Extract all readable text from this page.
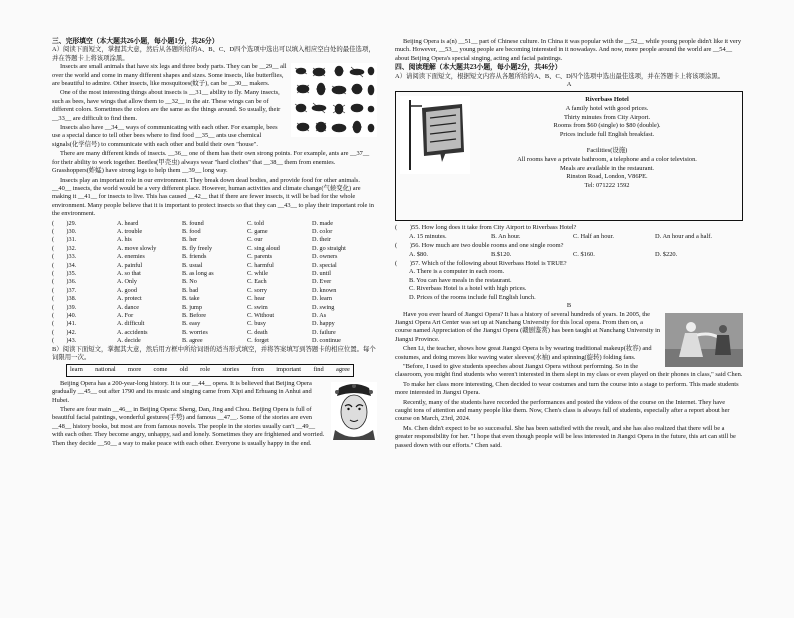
三、完形填空（本大题共26小题，每小题1分，共26分）
A）阅读下面短文，掌握其大意，然后从各题所给的A、B、C、D四个选项中选出可以填入相应空白处的最佳选项，并在答题卡上将该项涂黑。

Insects are small animals that have six legs and three body parts. They can be __29__ all over the world and come in many different shapes and sizes. Some insects, like butterflies, are beautiful to admire. Other insects, like mosquitoes(蚊子), can be __30__ makers.

One of the most interesting things about insects is __31__ ability to fly. Many insects, such as bees, have wings that allow them to __32__ in the air. These wings can be of different colors. Sometimes the colors are the same as the things around. So usually, their __33__ are difficult to find them.

Insects also have __34__ ways of communicating with each other. For example, bees use a special dance to tell other bees where to find food __35__ ants use chemical signals(化学信号) to communicate with each other and build their own "house".

There are many different kinds of insects. __36__ one of them has their own strong points. For example, ants are __37__ for their ability to work together. Beetles(甲壳虫) always wear "hard clothes" that __38__ them from enemies. Grasshoppers(蚱蜢) have strong legs to help them __39__ long way.

Insects play an important role in our environment. They break down dead bodies, and provide food for other animals. __40__ insects, the world would be a very different place. However, human activities and climate change(气候变化) are making it __41__ for insects to live. This has caused __42__ that if there are fewer insects, it will be bad for the whole environment. Many people believe that it is important to protect insects so that they can __43__ to play their important role in the environment.

(　　)29.	A. heard	B. found	C. told	D. made
(　　)30.	A. trouble	B. food	C. game	D. color
(　　)31.	A. his	B. her	C. our	D. their
(　　)32.	A. move slowly	B. fly freely	C. sing aloud	D. go straight
(　　)33.	A. enemies	B. friends	C. parents	D. owners
(　　)34.	A. painful	B. usual	C. harmful	D. special
(　　)35.	A. so that	B. as long as	C. while	D. until
(　　)36.	A. Only	B. No	C. Each	D. Ever
(　　)37.	A. good	B. bad	C. sorry	D. known
(　　)38.	A. protect	B. take	C. hear	D. learn
(　　)39.	A. dance	B. jump	C. swim	D. swing
(　　)40.	A. For	B. Before	C. Without	D. As
(　　)41.	A. difficult	B. easy	C. busy	D. happy
(　　)42.	A. accidents	B. worries	C. death	D. failure
(　　)43.	A. decide	B. agree	C. forget	D. continue
B）阅读下面短文，掌握其大意，然后用方框中所给词语的适当形式填空，并将答案填写到答题卡的相应位置。每个词限用一次。
learn national more come old role stories from important find agree

Beijing Opera has a 200-year-long history. It is our __44__ opera. It is believed that Beijing Opera gradually __45__ out after 1790 and its music and singing came from Xipi and Erhuang in Anhui and Hubei.

There are four main __46__ in Beijing Opera: Sheng, Dan, Jing and Chou. Beijing Opera is full of beautiful facial paintings, wonderful gestures(手势) and famous __47__. Some of the stories are even __48__ history books, but most are from famous novels. The people in the stories usually can't __49__ with each other. They become angry, unhappy, sad and lonely. Sometimes they are frightened and worried. Then they decide __50__ a way to make peace with each other. Everyone is usually happy in the end.

Beijing Opera is a(n) __51__ part of Chinese culture. In China it was popular with the __52__ while young people didn't like it very much. However, __53__ young people are becoming interested in it nowadays. And now, more people around the world are __54__ about Beijing Opera's special singing, acting and facial paintings.

四、阅读理解（本大题共23小题，每小题2分，共46分）
A）请阅读下面短文，根据短文内容从各题所给的A、B、C、D四个选项中选出最佳选项，并在答题卡上将该项涂黑。
A
Riverbass Hotel
A family hotel with good prices.
Thirty minutes from City Airport.
Rooms from $60 (single) to $80 (double).
Prices include full English breakfast.
Facilities(设施)
All rooms have a private bathroom, a telephone and a color television.
Meals are available in the restaurant.
Rinston Road, London, V86PE.
Tel: 071222 1592

(　　)55. How long does it take from City Airport to Riverbass Hotel?

A. 15 minutes.	B. An hour.	C. Half an hour.	D. An hour and a half.

(　　)56. How much are two double rooms and one single room?

A. $80.	B.$120.	C. $160.	D. $220.

(　　)57. Which of the following about Riverbass Hotel is TRUE?

A. There is a computer in each room.
B. You can have meals in the restaurant.
C. Riverbass Hotel is a hotel with high prices.
D. Prices of the rooms include full English lunch.
B

Have you ever heard of Jiangxi Opera? It has a history of several hundreds of years. In 2005, the Jiangxi Opera Art Center was set up at Nanchang University for this local opera. From then on, a course named Appreciation of the Jiangxi Opera (赣剧鉴赏) has been taught at Nanchang University in Jiangxi Province.

Chen Li, the teacher, shows how great Jiangxi Opera is by wearing traditional makeup(妆容) and costumes, and doing moves like waving water sleeves(水袖) and spinning(旋转) folding fans.

"Before, I used to give students speeches about Jiangxi Opera without performing. So in the classroom, you might find students who weren't interested in them slept in my class or even played on their phones in class," said Chen.

To make her class more interesting, Chen decided to wear costumes and turn the course into a stage to perform. This made students more interested in Jiangxi Opera.

Recently, many of the students have recorded the performances and posted the videos of the course on the Internet. They have caught tons of attention and many people like them. Now, Chen's class is always full of students, especially after a report about her course on March, 23rd, 2024.

Ms. Chen didn't expect to be so successful. She has been satisfied with the result, and she has also realized that there will be a greater responsibility for her. "I hope that even though people will be less interested in Jiangxi Opera in the future, this art can still be passed down with our efforts." Chen said.
